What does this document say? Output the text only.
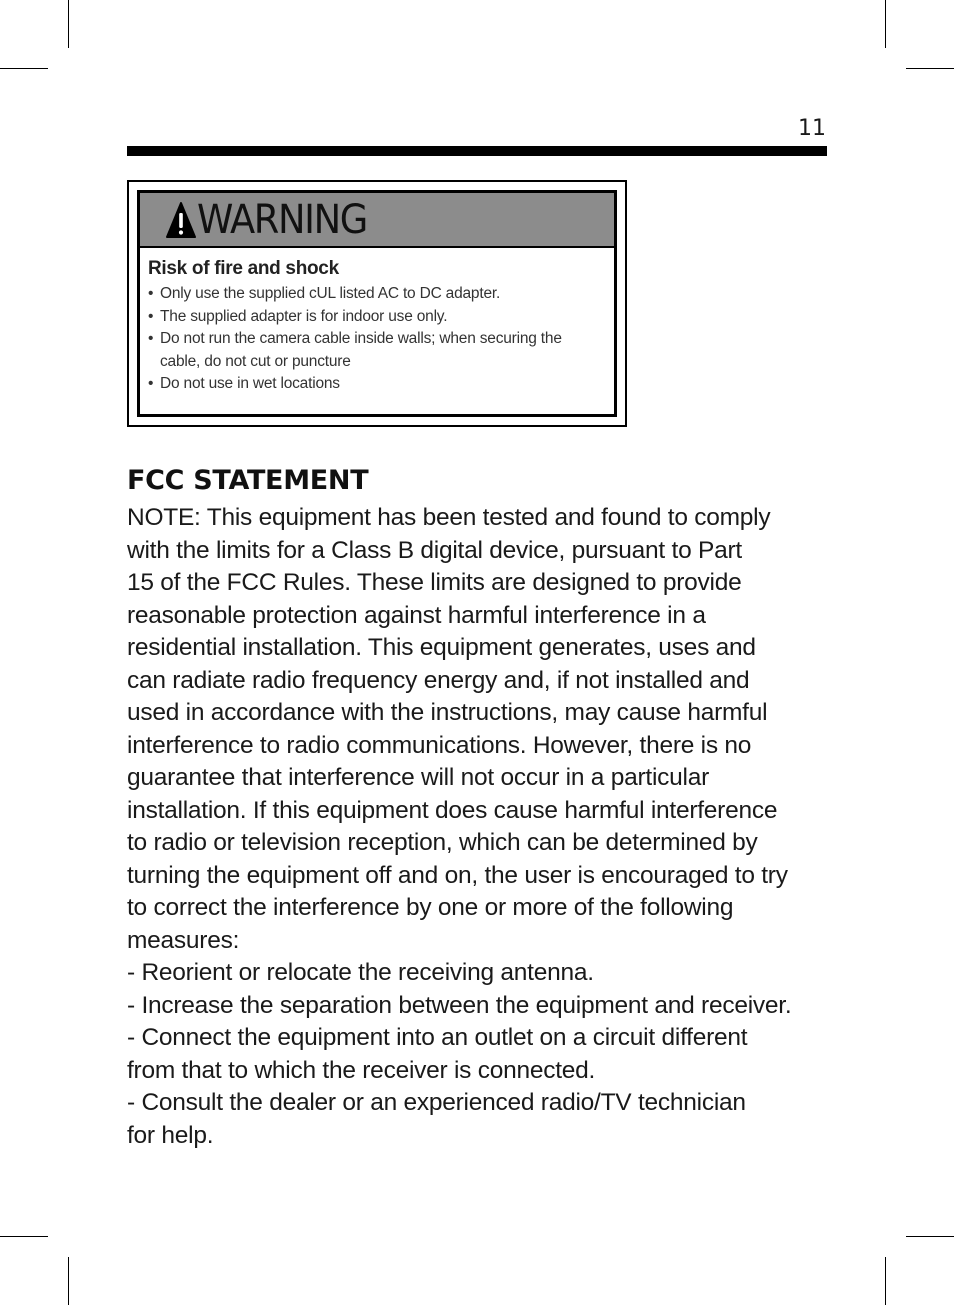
11
WARNING
Risk of fire and shock
• Only use the supplied cUL listed AC to DC adapter.
• The supplied adapter is for indoor use only.
• Do not run the camera cable inside walls; when securing the cable, do not cut or puncture
• Do not use in wet locations
FCC STATEMENT
NOTE: This equipment has been tested and found to comply
with the limits for a Class B digital device, pursuant to Part
15 of the FCC Rules. These limits are designed to provide
reasonable protection against harmful interference in a
residential installation. This equipment generates, uses and
can radiate radio frequency energy and, if not installed and
used in accordance with the instructions, may cause harmful
interference to radio communications. However, there is no
guarantee that interference will not occur in a particular
installation. If this equipment does cause harmful interference
to radio or television reception, which can be determined by
turning the equipment off and on, the user is encouraged to try
to correct the interference by one or more of the following
measures:
- Reorient or relocate the receiving antenna.
- Increase the separation between the equipment and receiver.
- Connect the equipment into an outlet on a circuit different
from that to which the receiver is connected.
- Consult the dealer or an experienced radio/TV technician
for help.
